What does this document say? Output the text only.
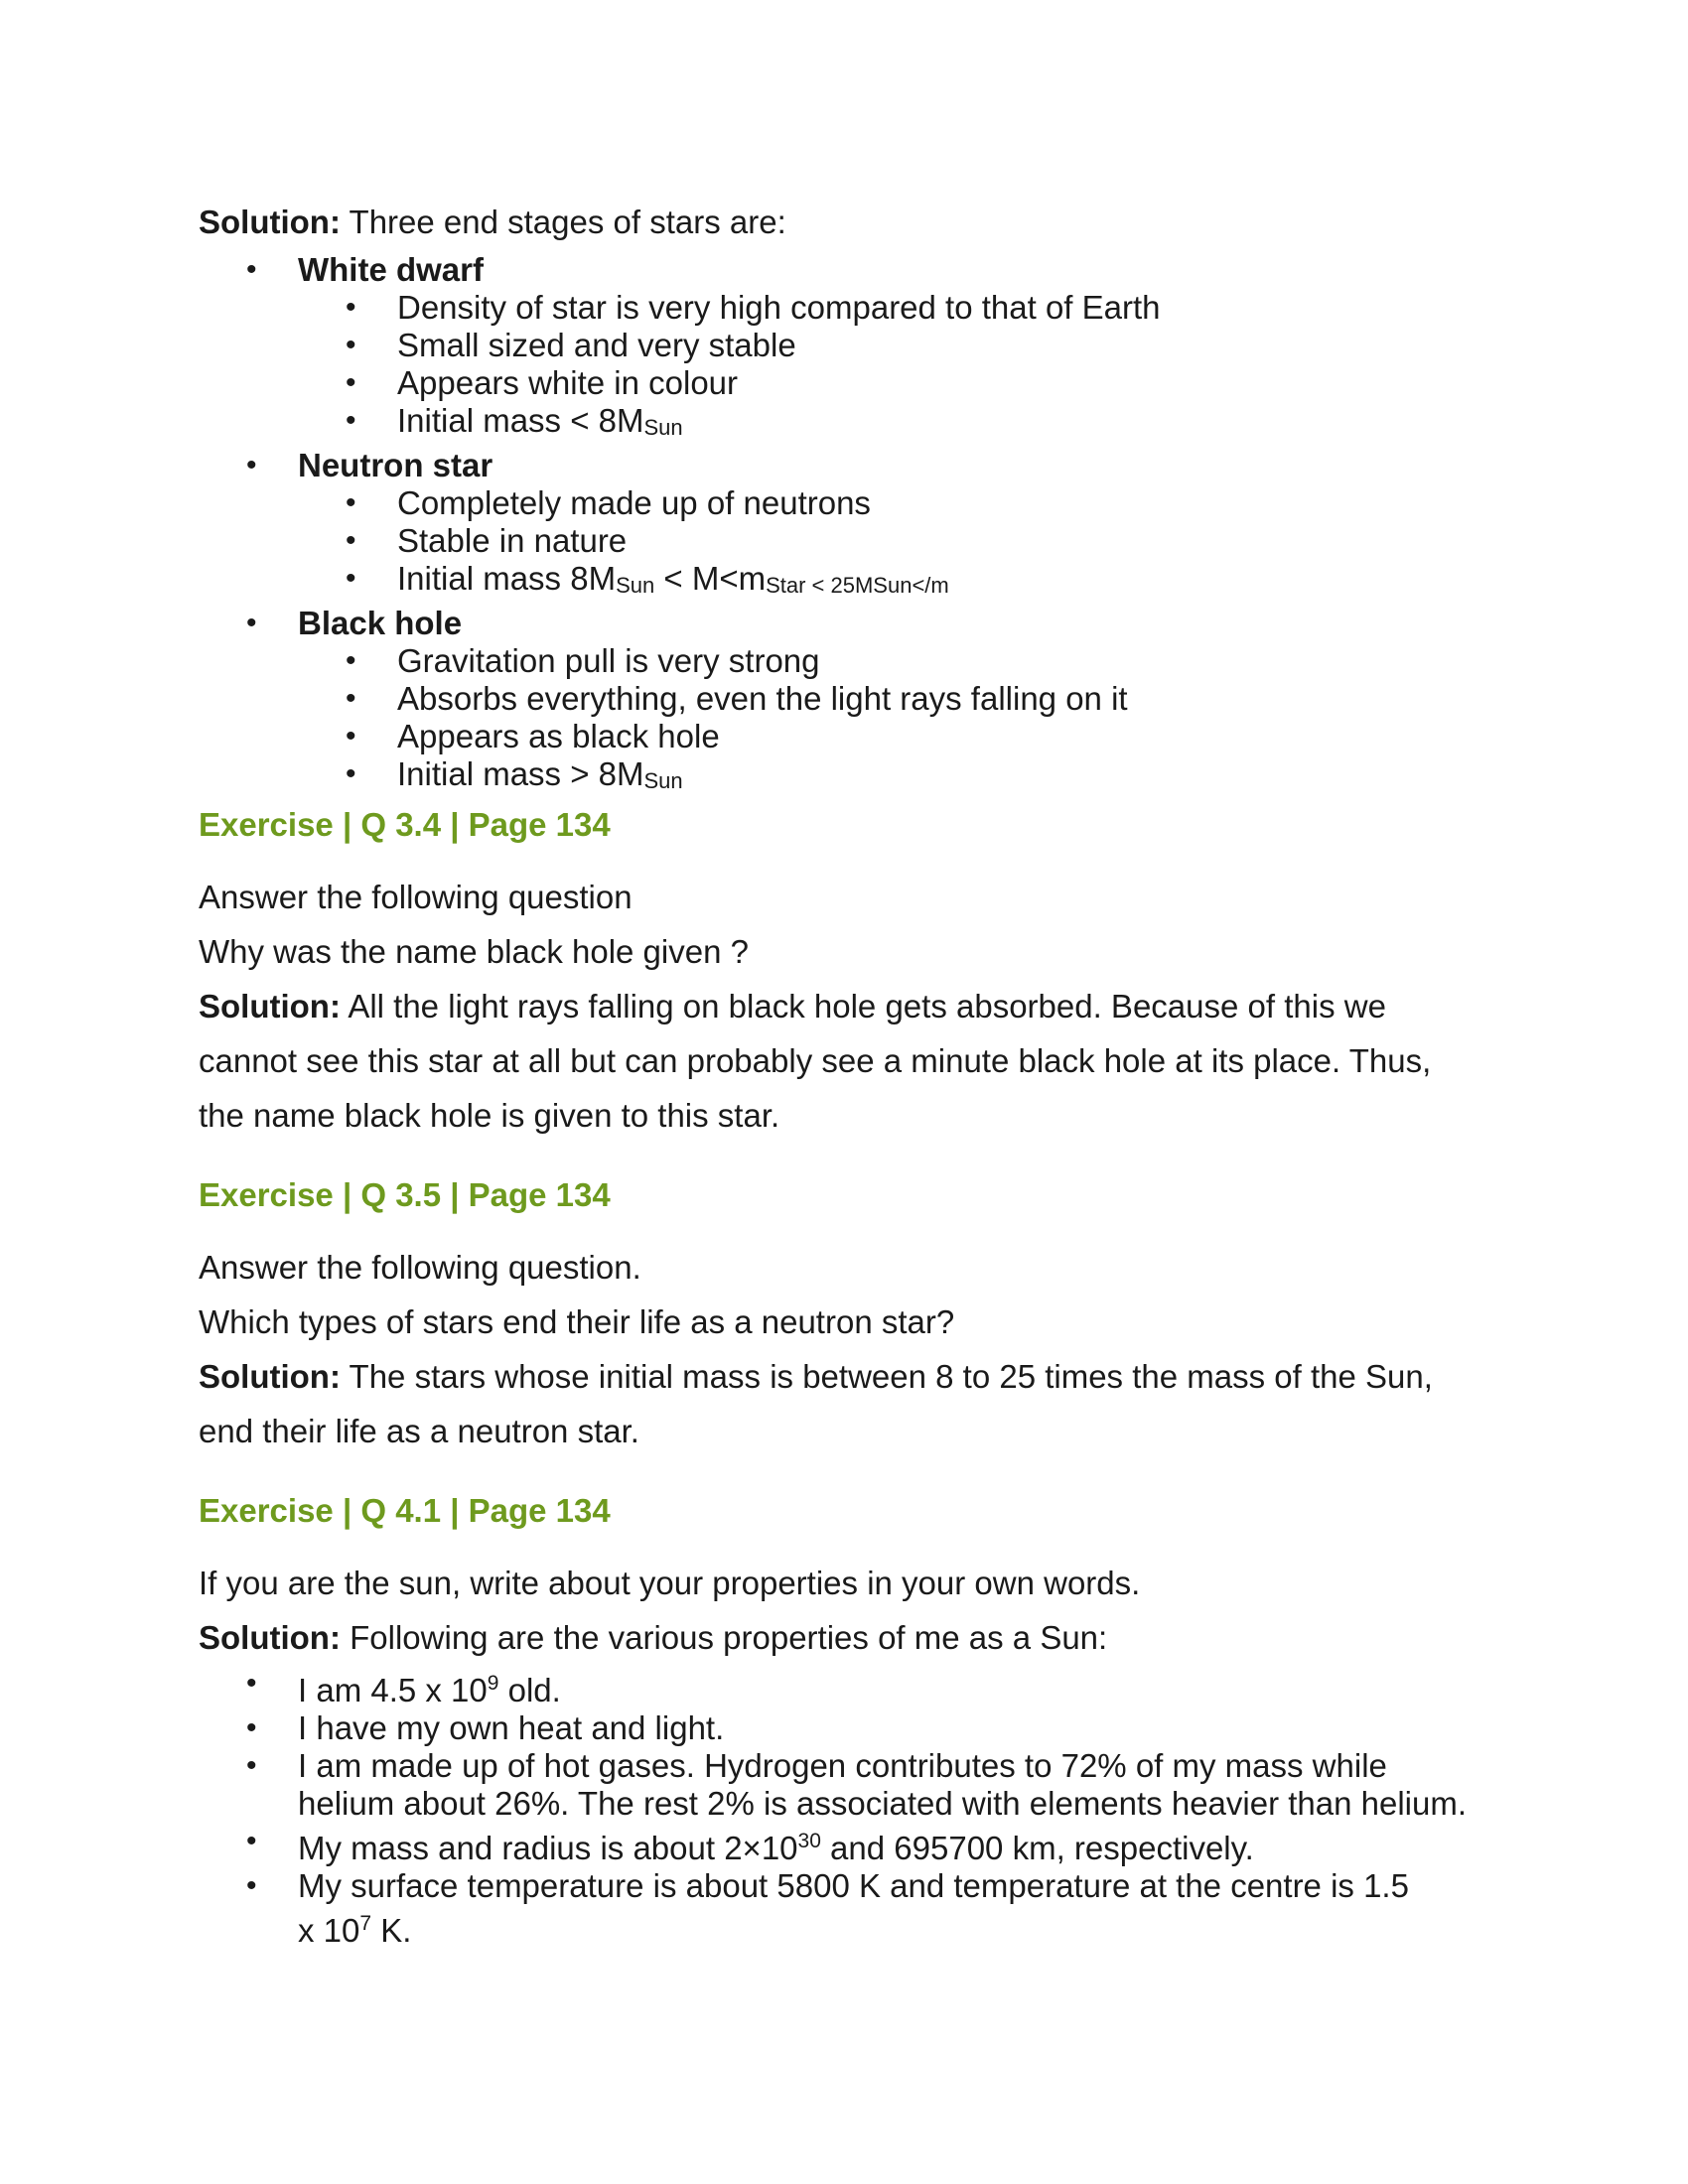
Solution: Three end stages of stars are:

• White dwarf
• Density of star is very high compared to that of Earth
• Small sized and very stable
• Appears white in colour
• Initial mass < 8MSun
• Neutron star
• Completely made up of neutrons
• Stable in nature
• Initial mass 8MSun < M<mStar < 25MSun</m
• Black hole
• Gravitation pull is very strong
• Absorbs everything, even the light rays falling on it
• Appears as black hole
• Initial mass > 8MSun

Exercise | Q 3.4 | Page 134

Answer the following question

Why was the name black hole given ?

Solution: All the light rays falling on black hole gets absorbed. Because of this we

cannot see this star at all but can probably see a minute black hole at its place. Thus,

the name black hole is given to this star.

Exercise | Q 3.5 | Page 134

Answer the following question.

Which types of stars end their life as a neutron star?

Solution: The stars whose initial mass is between 8 to 25 times the mass of the Sun,

end their life as a neutron star.

Exercise | Q 4.1 | Page 134

If you are the sun, write about your properties in your own words.

Solution: Following are the various properties of me as a Sun:

• I am 4.5 x $10^9$ old.
• I have my own heat and light.
• I am made up of hot gases. Hydrogen contributes to 72% of my mass while
helium about 26%. The rest 2% is associated with elements heavier than helium.
• My mass and radius is about $2\times 10^{30}$ and 695700 km, respectively.
• My surface temperature is about 5800 K and temperature at the centre is 1.5
x $10^7$ K.
